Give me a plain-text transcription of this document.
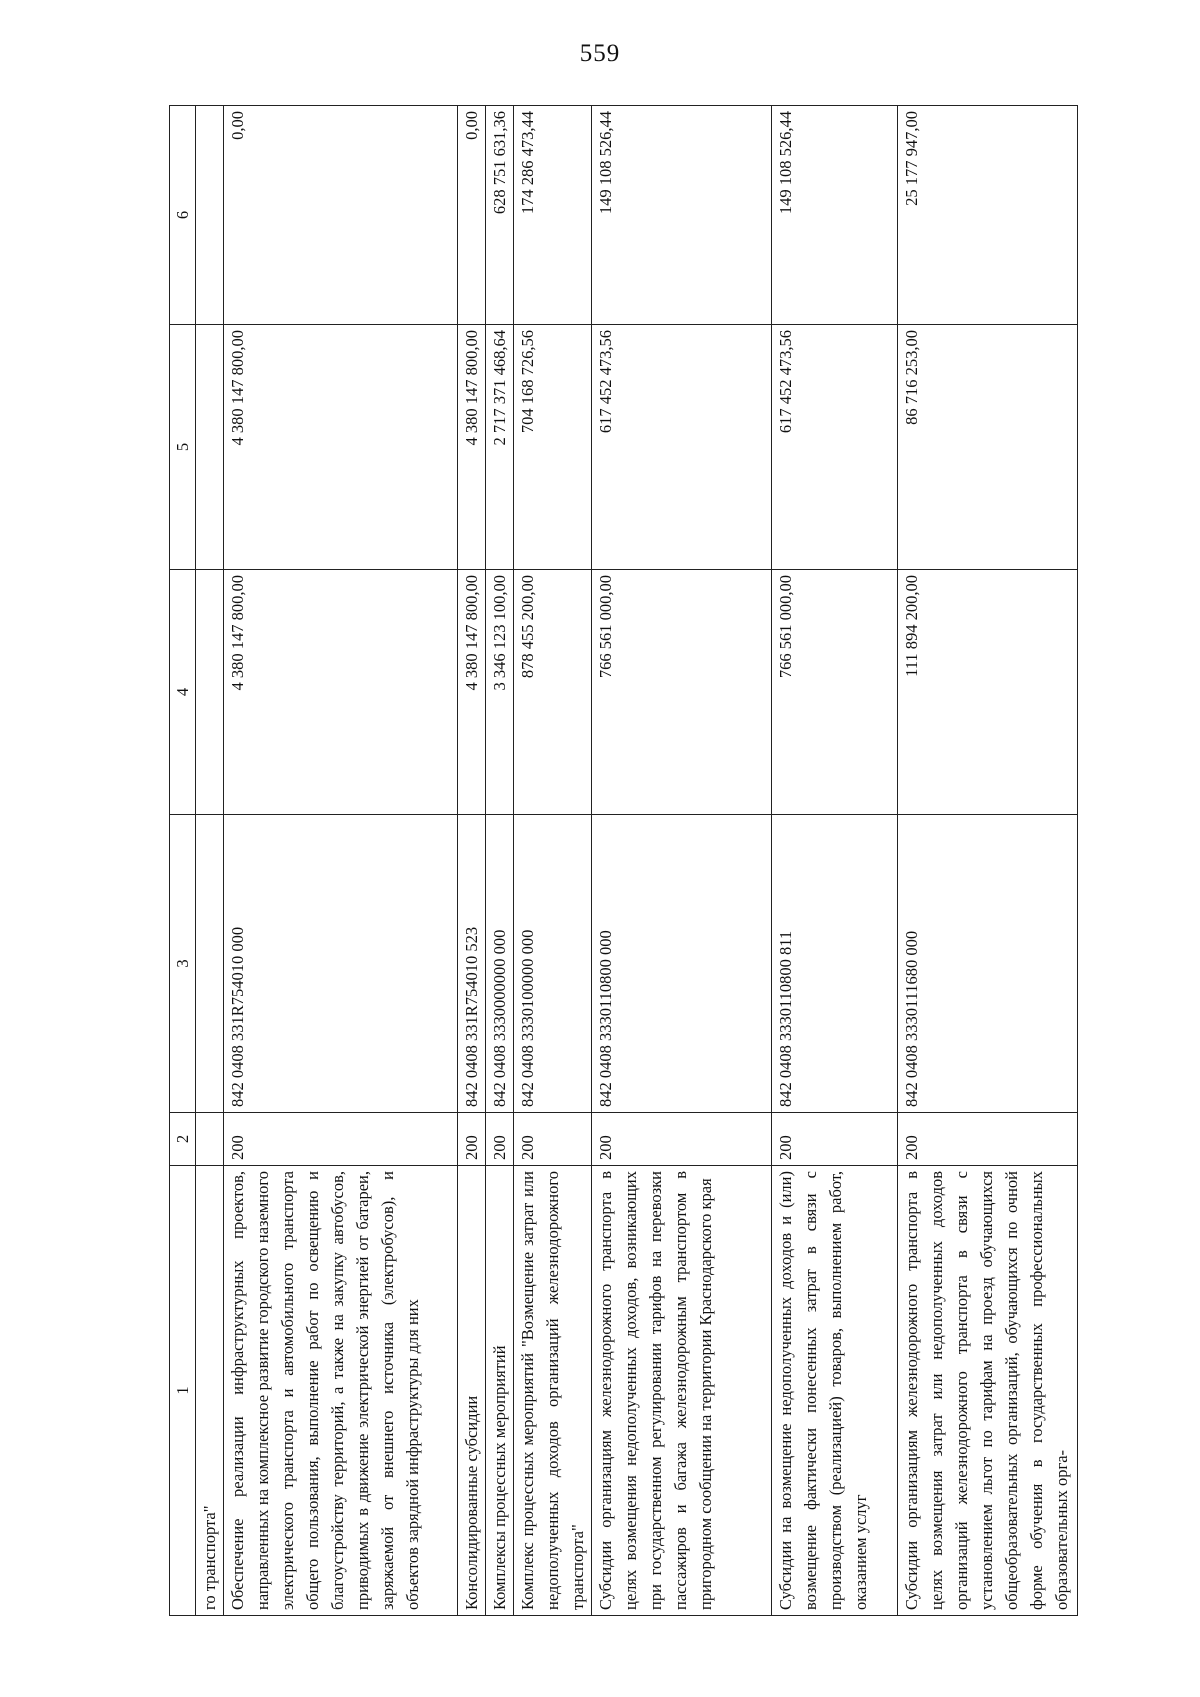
559
1	2	3	4	5	6
го транспорта"					
Обеспечение реализации инфраструктурных проектов, направленных на комплексное развитие городского наземного электрического транспорта и автомобильного транспорта общего пользования, выполнение работ по освещению и благоустройству территорий, а также на закупку автобусов, приводимых в движение электрической энергией от батареи, заряжаемой от внешнего источника (электробусов), и объектов зарядной инфраструктуры для них	200	842 0408 331R754010 000	4 380 147 800,00	4 380 147 800,00	0,00
Консолидированные субсидии	200	842 0408 331R754010 523	4 380 147 800,00	4 380 147 800,00	0,00
Комплексы процессных мероприятий	200	842 0408 3330000000 000	3 346 123 100,00	2 717 371 468,64	628 751 631,36
Комплекс процессных мероприятий "Возмещение затрат или недополученных доходов организаций железнодорожного транспорта"	200	842 0408 3330100000 000	878 455 200,00	704 168 726,56	174 286 473,44
Субсидии организациям железнодорожного транспорта в целях возмещения недополученных доходов, возникающих при государственном регулировании тарифов на перевозки пассажиров и багажа железнодорожным транспортом в пригородном сообщении на территории Краснодарского края	200	842 0408 3330110800 000	766 561 000,00	617 452 473,56	149 108 526,44
Субсидии на возмещение недополученных доходов и (или) возмещение фактически понесенных затрат в связи с производством (реализацией) товаров, выполнением работ, оказанием услуг	200	842 0408 3330110800 811	766 561 000,00	617 452 473,56	149 108 526,44
Субсидии организациям железнодорожного транспорта в целях возмещения затрат или недополученных доходов организаций железнодорожного транспорта в связи с установлением льгот по тарифам на проезд обучающихся общеобразовательных организаций, обучающихся по очной форме обучения в государственных профессиональных образовательных орга-	200	842 0408 3330111680 000	111 894 200,00	86 716 253,00	25 177 947,00
